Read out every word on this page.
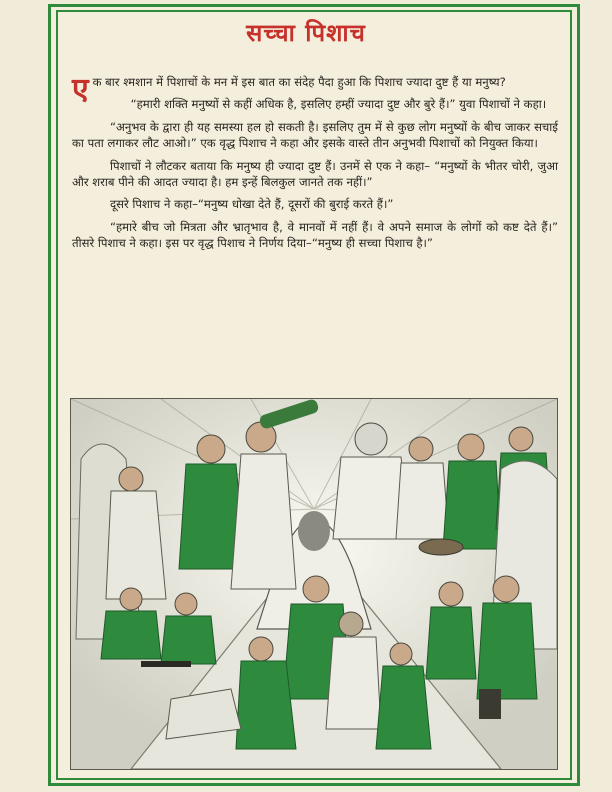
सच्चा पिशाच

एक बार श्मशान में पिशाचों के मन में इस बात का संदेह पैदा हुआ कि पिशाच ज्यादा दुष्ट हैं या मनुष्य?

“हमारी शक्ति मनुष्यों से कहीं अधिक है, इसलिए हम्हीं ज्यादा दुष्ट और बुरे हैं।” युवा पिशाचों ने कहा।

“अनुभव के द्वारा ही यह समस्या हल हो सकती है। इसलिए तुम में से कुछ लोग मनुष्यों के बीच जाकर सचाई का पता लगाकर लौट आओ।” एक वृद्ध पिशाच ने कहा और इसके वास्ते तीन अनुभवी पिशाचों को नियुक्त किया।

पिशाचों ने लौटकर बताया कि मनुष्य ही ज्यादा दुष्ट हैं। उनमें से एक ने कहा– “मनुष्यों के भीतर चोरी, जुआ और शराब पीने की आदत ज्यादा है। हम इन्हें बिलकुल जानते तक नहीं।”

दूसरे पिशाच ने कहा–“मनुष्य धोखा देते हैं, दूसरों की बुराई करते हैं।”

“हमारे बीच जो मित्रता और भ्रातृभाव है, वे मानवों में नहीं हैं। वे अपने समाज के लोगों को कष्ट देते हैं।” तीसरे पिशाच ने कहा। इस पर वृद्ध पिशाच ने निर्णय दिया–“मनुष्य ही सच्चा पिशाच है।”
